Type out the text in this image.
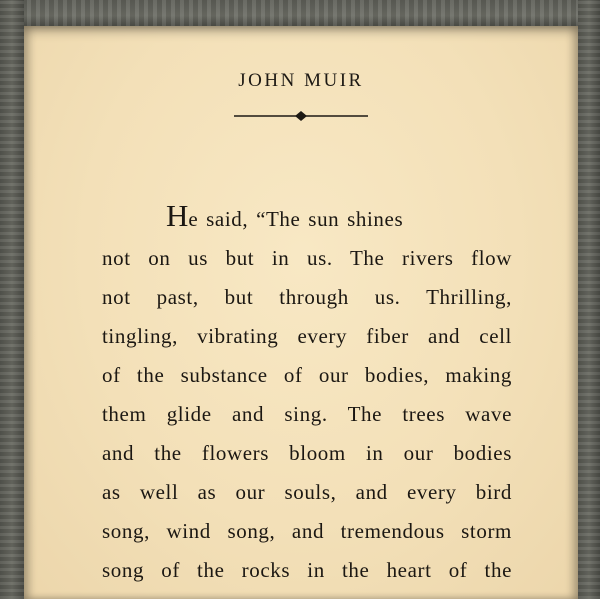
JOHN MUIR
He said, “The sun shines
not on us but in us. The rivers flow
not past, but through us. Thrilling,
tingling, vibrating every fiber and cell
of the substance of our bodies, making
them glide and sing. The trees wave
and the flowers bloom in our bodies
as well as our souls, and every bird
song, wind song, and tremendous storm
song of the rocks in the heart of the
